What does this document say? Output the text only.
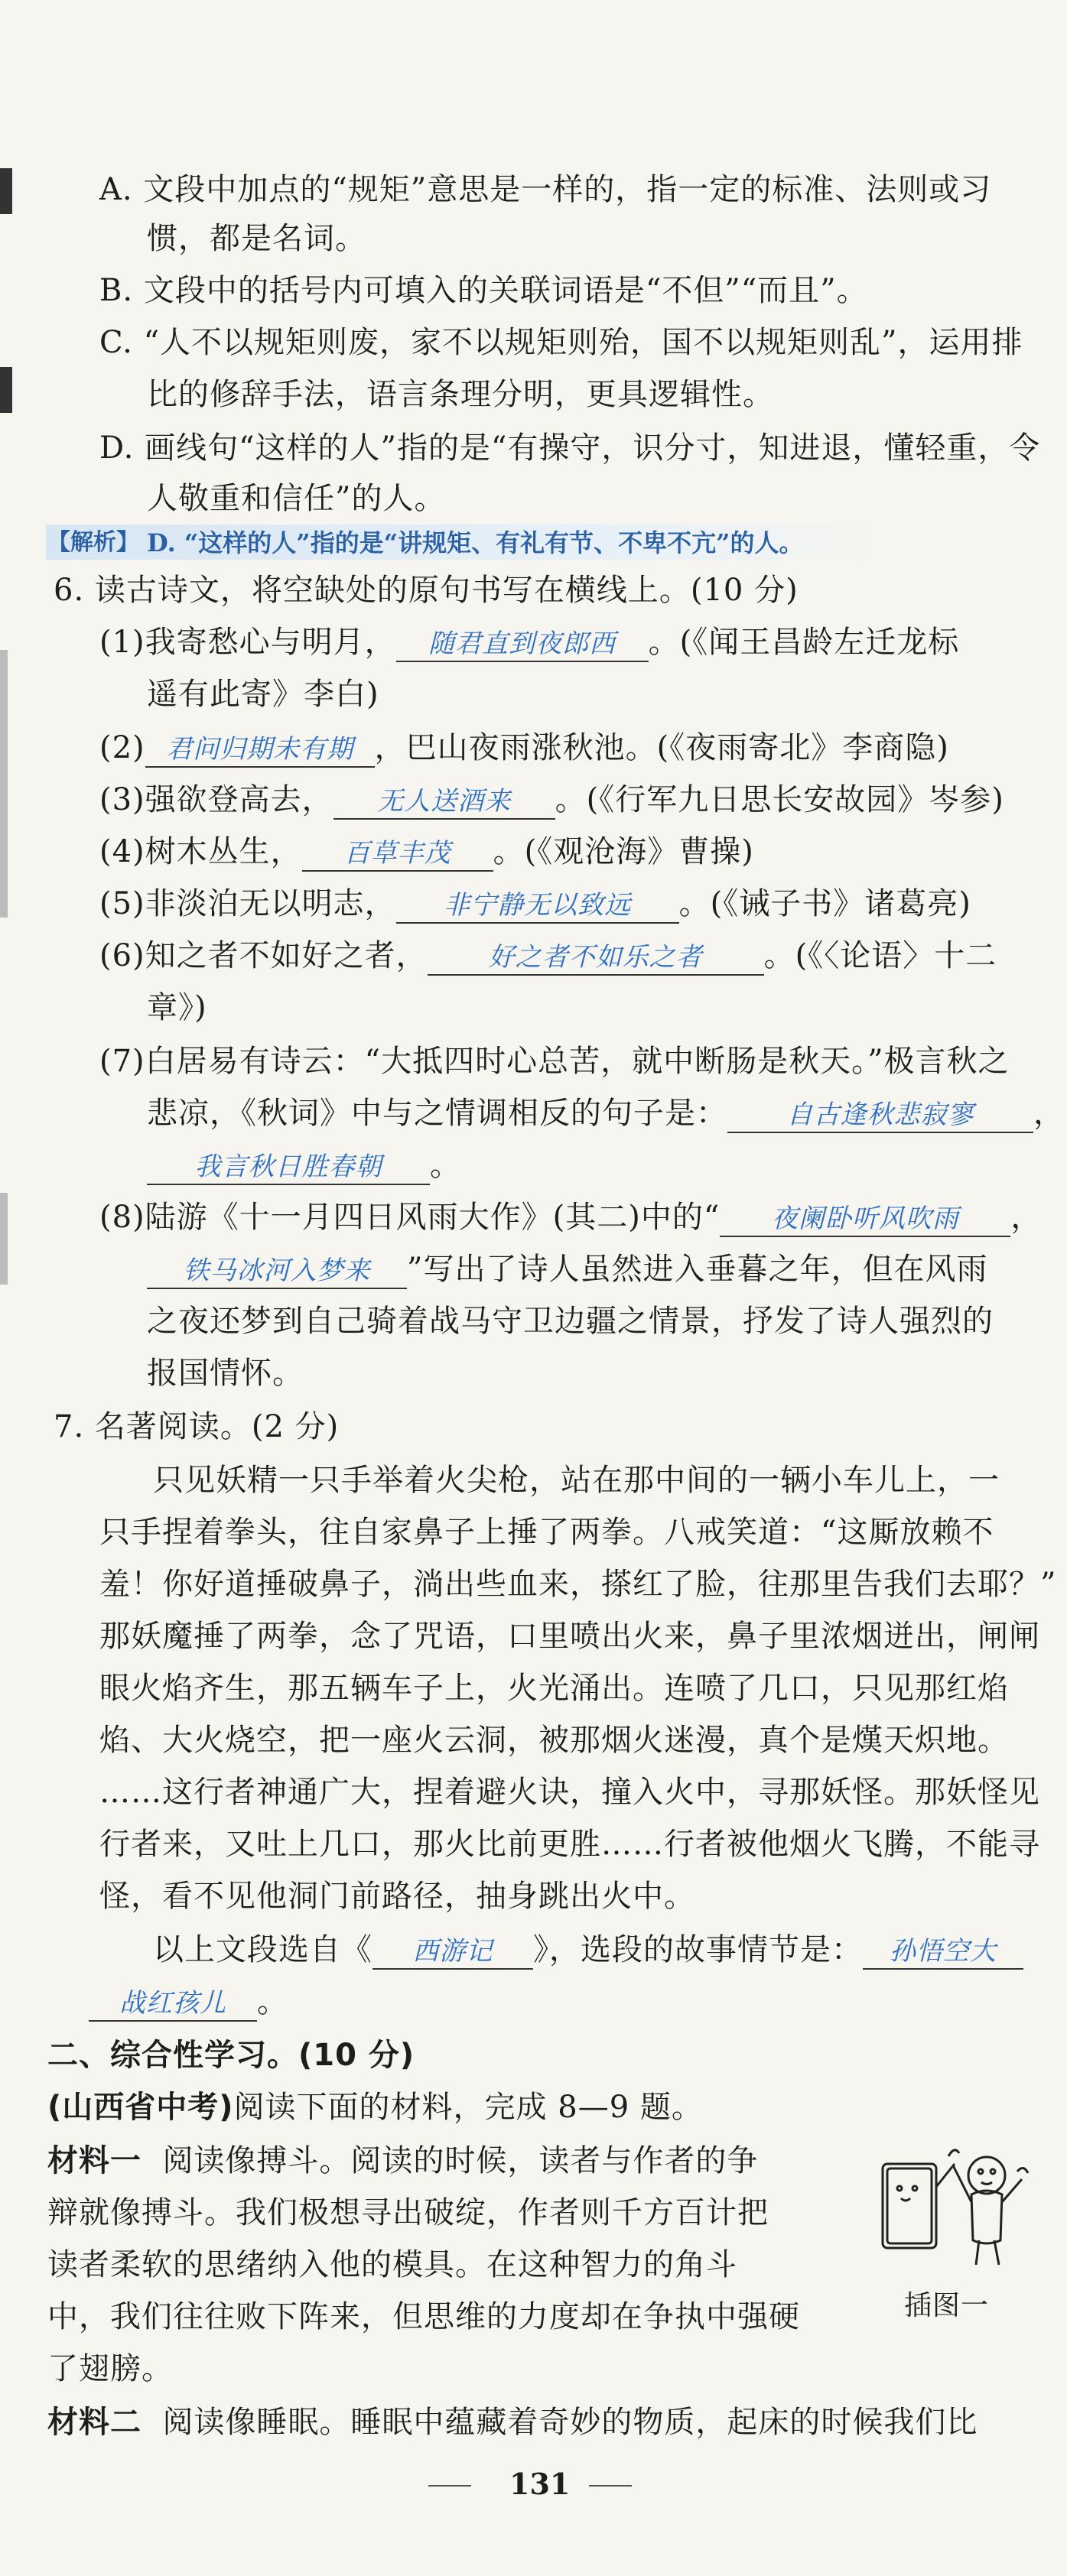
A. 文段中加点的“规矩”意思是一样的，指一定的标准、法则或习
惯，都是名词。
B. 文段中的括号内可填入的关联词语是“不但”“而且”。
C. “人不以规矩则废，家不以规矩则殆，国不以规矩则乱”，运用排
比的修辞手法，语言条理分明，更具逻辑性。
D. 画线句“这样的人”指的是“有操守，识分寸，知进退，懂轻重，令
人敬重和信任”的人。
【解析】 D. “这样的人”指的是“讲规矩、有礼有节、不卑不亢”的人。
6. 读古诗文，将空缺处的原句书写在横线上。(10 分)
(1)我寄愁心与明月， 随君直到夜郎西 。(《闻王昌龄左迁龙标
遥有此寄》李白)
(2) 君问归期未有期 ，巴山夜雨涨秋池。(《夜雨寄北》李商隐)
(3)强欲登高去， 无人送酒来 。(《行军九日思长安故园》岑参)
(4)树木丛生， 百草丰茂 。(《观沧海》曹操)
(5)非淡泊无以明志， 非宁静无以致远 。(《诫子书》诸葛亮)
(6)知之者不如好之者， 好之者不如乐之者 。(《〈论语〉十二
章》)
(7)白居易有诗云：“大抵四时心总苦，就中断肠是秋天。”极言秋之
悲凉，《秋词》中与之情调相反的句子是： 自古逢秋悲寂寥 ，
我言秋日胜春朝 。
(8)陆游《十一月四日风雨大作》(其二)中的“ 夜阑卧听风吹雨 ，
铁马冰河入梦来 ”写出了诗人虽然进入垂暮之年，但在风雨
之夜还梦到自己骑着战马守卫边疆之情景，抒发了诗人强烈的
报国情怀。
7. 名著阅读。(2 分)
只见妖精一只手举着火尖枪，站在那中间的一辆小车儿上，一
只手捏着拳头，往自家鼻子上捶了两拳。八戒笑道：“这厮放赖不
羞！你好道捶破鼻子，淌出些血来，搽红了脸，往那里告我们去耶？”
那妖魔捶了两拳，念了咒语，口里喷出火来，鼻子里浓烟迸出，闸闸
眼火焰齐生，那五辆车子上，火光涌出。连喷了几口，只见那红焰
焰、大火烧空，把一座火云洞，被那烟火迷漫，真个是熯天炽地。
……这行者神通广大，捏着避火诀，撞入火中，寻那妖怪。那妖怪见
行者来，又吐上几口，那火比前更胜……行者被他烟火飞腾，不能寻
怪，看不见他洞门前路径，抽身跳出火中。
以上文段选自《 西游记 》，选段的故事情节是： 孙悟空大
战红孩儿 。
二、综合性学习。(10 分)
(山西省中考)阅读下面的材料，完成 8—9 题。
材料一 阅读像搏斗。阅读的时候，读者与作者的争
辩就像搏斗。我们极想寻出破绽，作者则千方百计把
读者柔软的思绪纳入他的模具。在这种智力的角斗
中，我们往往败下阵来，但思维的力度却在争执中强硬
了翅膀。
插图一
材料二 阅读像睡眠。睡眠中蕴藏着奇妙的物质，起床的时候我们比
131
